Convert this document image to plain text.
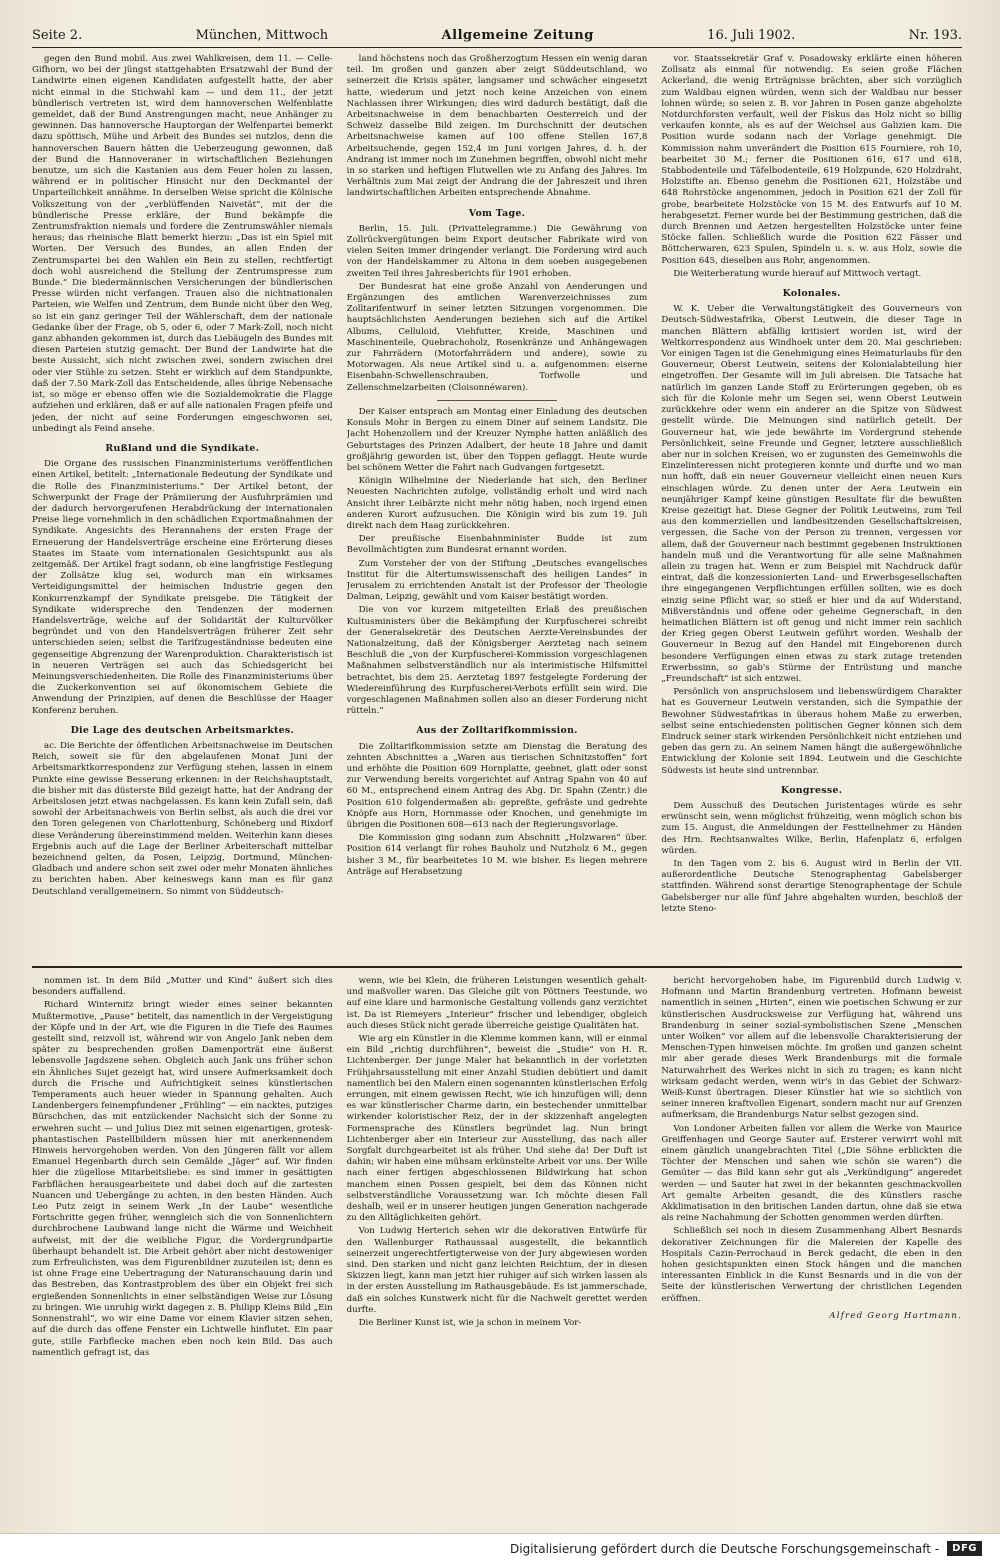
Seite 2.	München, Mittwoch	Allgemeine Zeitung	16. Juli 1902.	Nr. 193.

gegen den Bund mobil. Aus zwei Wahlkreisen, dem 11. — Celle-Gifhorn, wo bei der jüngst stattgehabten Ersatzwahl der Bund der Landwirte einen eigenen Kandidaten aufgestellt hatte, der aber nicht einmal in die Stichwahl kam — und dem 11., der jetzt bündlerisch vertreten ist, wird dem hannoverschen Welfenblatte gemeldet, daß der Bund Anstrengungen macht, neue Anhänger zu gewinnen. Das hannoversche Hauptorgan der Welfenpartei bemerkt dazu spöttisch, Mühe und Arbeit des Bundes sei nutzlos, denn die hannoverschen Bauern hätten die Ueberzeugung gewonnen, daß der Bund die Hannoveraner in wirtschaftlichen Beziehungen benutze, um sich die Kastanien aus dem Feuer holen zu lassen, während er in politischer Hinsicht nur den Deckmantel der Unparteilichkeit annähme. In derselben Weise spricht die Kölnische Volkszeitung von der „verblüffenden Naivetät“, mit der die bündlerische Presse erkläre, der Bund bekämpfe die Zentrumsfraktion niemals und fordere die Zentrumswähler niemals heraus; das rheinische Blatt bemerkt hierzu: „Das ist ein Spiel mit Worten. Der Versuch des Bundes, an allen Enden der Zentrumspartei bei den Wahlen ein Bein zu stellen, rechtfertigt doch wohl ausreichend die Stellung der Zentrumspresse zum Bunde.“ Die biedermännischen Versicherungen der bündlerischen Presse würden nicht verfangen. Trauen also die nichtnationalen Parteien, wie Welfen und Zentrum, dem Bunde nicht über den Weg, so ist ein ganz geringer Teil der Wählerschaft, dem der nationale Gedanke über der Frage, ob 5, oder 6, oder 7 Mark-Zoll, noch nicht ganz abhanden gekommen ist, durch das Liebäugeln des Bundes mit diesen Parteien stutzig gemacht. Der Bund der Landwirte hat die beste Aussicht, sich nicht zwischen zwei, sondern zwischen drei oder vier Stühle zu setzen. Steht er wirklich auf dem Standpunkte, daß der 7.50 Mark-Zoll das Entscheidende, alles übrige Nebensache ist, so möge er ebenso offen wie die Sozialdemokratie die Flagge aufziehen und erklären, daß er auf alle nationalen Fragen pfeife und jeden, der nicht auf seine Forderungen eingeschworen sei, unbedingt als Feind ansehe.

Rußland und die Syndikate.

Die Organe des russischen Finanzministeriums veröffentlichen einen Artikel, betitelt: „Internationale Bedeutung der Syndikate und die Rolle des Finanzministeriums.“ Der Artikel betont, der Schwerpunkt der Frage der Prämiierung der Ausfuhrprämien und der dadurch hervorgerufenen Herabdrückung der internationalen Preise liege vornehmlich in den schädlichen Exportmaßnahmen der Syndikate. Angesichts des Herannahens der ersten Frage der Erneuerung der Handelsverträge erscheine eine Erörterung dieses Staates im Staate vom internationalen Gesichtspunkt aus als zeitgemäß. Der Artikel fragt sodann, ob eine langfristige Festlegung der Zollsätze klug sei, wodurch man ein wirksames Verteidigungsmittel der heimischen Industrie gegen den Konkurrenzkampf der Syndikate preisgebe. Die Tätigkeit der Syndikate widerspreche den Tendenzen der modernen Handelsverträge, welche auf der Solidarität der Kulturvölker begründet und von den Handelsverträgen früherer Zeit sehr unterschieden seien; selbst die Tarifzugeständnisse bedeuten eine gegenseitige Abgrenzung der Warenproduktion. Charakteristisch ist in neueren Verträgen sei auch das Schiedsgericht bei Meinungsverschiedenheiten. Die Rolle des Finanzministeriums über die Zuckerkonvention sei auf ökonomischem Gebiete die Anwendung der Prinzipien, auf denen die Beschlüsse der Haager Konferenz beruhen.

Die Lage des deutschen Arbeitsmarktes.

ac. Die Berichte der öffentlichen Arbeitsnachweise im Deutschen Reich, soweit sie für den abgelaufenen Monat Juni der Arbeitsmarktkorrespondenz zur Verfügung stehen, lassen in einem Punkte eine gewisse Besserung erkennen: in der Reichshauptstadt, die bisher mit das düsterste Bild gezeigt hatte, hat der Andrang der Arbeitslosen jetzt etwas nachgelassen. Es kann kein Zufall sein, daß sowohl der Arbeitsnachweis von Berlin selbst, als auch die drei vor den Toren gelegenen von Charlottenburg, Schöneberg und Rixdorf diese Veränderung übereinstimmend melden. Weiterhin kann dieses Ergebnis auch auf die Lage der Berliner Arbeiterschaft mittelbar bezeichnend gelten, da Posen, Leipzig, Dortmund, München-Gladbach und andere schon seit zwei oder mehr Monaten ähnliches zu berichten haben. Aber keineswegs kann man es für ganz Deutschland verallgemeinern. So nimmt von Süddeutsch-

land höchstens noch das Großherzogtum Hessen ein wenig daran teil. Im großen und ganzen aber zeigt Süddeutschland, wo seinerzeit die Krisis später, langsamer und schwächer eingesetzt hatte, wiederum und jetzt noch keine Anzeichen von einem Nachlassen ihrer Wirkungen; dies wird dadurch bestätigt, daß die Arbeitsnachweise in dem benachbarten Oesterreich und der Schweiz dasselbe Bild zeigen. Im Durchschnitt der deutschen Arbeitsnachweise kamen auf 100 offene Stellen 167,8 Arbeitsuchende, gegen 152,4 im Juni vorigen Jahres, d. h. der Andrang ist immer noch im Zunehmen begriffen, obwohl nicht mehr in so starken und heftigen Flutwellen wie zu Anfang des Jahres. Im Verhältnis zum Mai zeigt der Andrang die der Jahreszeit und ihren landwirtschaftlichen Arbeiten entsprechende Abnahme.

Vom Tage.

Berlin, 15. Juli. (Privattelegramme.) Die Gewährung von Zollrückvergütungen beim Export deutscher Fabrikate wird von vielen Seiten immer dringender verlangt. Die Forderung wird auch von der Handelskammer zu Altona in dem soeben ausgegebenen zweiten Teil ihres Jahresberichts für 1901 erhoben.

Der Bundesrat hat eine große Anzahl von Aenderungen und Ergänzungen des amtlichen Warenverzeichnisses zum Zolltarifentwurf in seiner letzten Sitzungen vorgenommen. Die hauptsächlichsten Aenderungen beziehen sich auf die Artikel Albums, Celluloid, Viehfutter, Kreide, Maschinen und Maschinenteile, Quebrachoholz, Rosenkränze und Anhängewagen zur Fahrrädern (Motorfahrrädern und andere), sowie zu Motorwagen. Als neue Artikel sind u. a. aufgenommen: eiserne Eisenbahn-Schwellenschrauben, Torfwolle und Zellenschmelzarbeiten (Cloisonnéwaren).

Der Kaiser entsprach am Montag einer Einladung des deutschen Konsuls Mohr in Bergen zu einem Diner auf seinem Landsitz. Die Jacht Hohenzollern und der Kreuzer Nymphe hatten anläßlich des Geburtstages des Prinzen Adalbert, der heute 18 Jahre und damit großjährig geworden ist, über den Toppen geflaggt. Heute wurde bei schönem Wetter die Fahrt nach Gudvangen fortgesetzt.

Königin Wilhelmine der Niederlande hat sich, den Berliner Neuesten Nachrichten zufolge, vollständig erholt und wird nach Ansicht ihrer Leibärzte nicht mehr nötig haben, noch irgend einen anderen Kurort aufzusuchen. Die Königin wird bis zum 19. Juli direkt nach dem Haag zurückkehren.

Der preußische Eisenbahnminister Budde ist zum Bevollmächtigten zum Bundesrat ernannt worden.

Zum Vorsteher der von der Stiftung „Deutsches evangelisches Institut für die Altertumswissenschaft des heiligen Landes“ in Jerusalem zu errichtenden Anstalt ist der Professor der Theologie Dalman, Leipzig, gewählt und vom Kaiser bestätigt worden.

Die von vor kurzem mitgeteilten Erlaß des preußischen Kultusministers über die Bekämpfung der Kurpfuscherei schreibt der Generalsekretär des Deutschen Aerzte-Vereinsbundes der Nationalzeitung, daß der Königsberger Aerztetag nach seinem Beschluß die „von der Kurpfuscherei-Kommission vorgeschlagenen Maßnahmen selbstverständlich nur als interimistische Hilfsmittel betrachtet, bis dem 25. Aerztetag 1897 festgelegte Forderung der Wiedereinführung des Kurpfuscherei-Verbots erfüllt sein wird. Die vorgeschlagenen Maßnahmen sollen also an dieser Forderung nicht rütteln.“

Aus der Zolltarifkommission.

Die Zolltarifkommission setzte am Dienstag die Beratung des zehnten Abschnittes a „Waren aus tierischen Schnitzstoffen“ fort und erhöhte die Position 609 Hornplatte, geebnet, glatt oder sonst zur Verwendung bereits vorgerichtet auf Antrag Spahn von 40 auf 60 M., entsprechend einem Antrag des Abg. Dr. Spahn (Zentr.) die Position 610 folgendermaßen ab: gepreßte, gefräste und gedrehte Knöpfe aus Horn, Hornmasse oder Knochen, und genehmigte im übrigen die Positionen 608—613 nach der Regierungsvorlage.

Die Kommission ging sodann zum Abschnitt „Holzwaren“ über. Position 614 verlangt für rohes Bauholz und Nutzholz 6 M., gegen bisher 3 M., für bearbeitetes 10 M. wie bisher. Es liegen mehrere Anträge auf Herabsetzung

vor. Staatssekretär Graf v. Posadowsky erklärte einen höheren Zollsatz als einmal für notwendig. Es seien große Flächen Ackerland, die wenig Erträgnisse brächten, aber sich vorzüglich zum Waldbau eignen würden, wenn sich der Waldbau nur besser lohnen würde; so seien z. B. vor Jahren in Posen ganze abgeholzte Notdurchforsten verfault, weil der Fiskus das Holz nicht so billig verkaufen konnte, als es auf der Weichsel aus Galizien kam. Die Position wurde sodann nach der Vorlage genehmigt. Die Kommission nahm unverändert die Position 615 Fourniere, roh 10, bearbeitet 30 M.; ferner die Positionen 616, 617 und 618, Stabbodenteile und Täfelbodenteile, 619 Holzpunde, 620 Holzdraht, Holzstifte an. Ebenso genehm die Positionen 621, Holzstäbe und 648 Rohrstöcke angenommen, jedoch in Position 621 der Zoll für grobe, bearbeitete Holzstöcke von 15 M. des Entwurfs auf 10 M. herabgesetzt. Ferner wurde bei der Bestimmung gestrichen, daß die durch Brennen und Aetzen hergestellten Holzstöcke unter feine Stöcke fallen. Schließlich wurde die Position 622 Fässer und Böttcherwaren, 623 Spulen, Spindeln u. s. w. aus Holz, sowie die Position 645, dieselben aus Rohr, angenommen.

Die Weiterberatung wurde hierauf auf Mittwoch vertagt.

Kolonales.

W. K. Ueber die Verwaltungstätigkeit des Gouverneurs von Deutsch-Südwestafrika, Oberst Leutwein, die dieser Tage in manchen Blättern abfällig kritisiert worden ist, wird der Weltkorrespondenz aus Windhoek unter dem 20. Mai geschrieben: Vor einigen Tagen ist die Genehmigung eines Heimaturlaubs für den Gouverneur, Oberst Leutwein, seitens der Kolonialabteilung hier eingetroffen. Der Gesamte will im Juli abreisen. Die Tatsache hat natürlich im ganzen Lande Stoff zu Erörterungen gegeben, ob es sich für die Kolonie mehr um Segen sei, wenn Oberst Leutwein zurückkehre oder wenn ein anderer an die Spitze von Südwest gestellt würde. Die Meinungen sind natürlich geteilt. Der Gouverneur hat, wie jede bewährte im Vordergrund stehende Persönlichkeit, seine Freunde und Gegner, letztere ausschließlich aber nur in solchen Kreisen, wo er zugunsten des Gemeinwohls die Einzelinteressen nicht protegieren konnte und durfte und wo man nun hofft, daß ein neuer Gouverneur vielleicht einen neuen Kurs einschlagen würde. Zu denen unter der Aera Leutwein ein neunjähriger Kampf keine günstigen Resultate für die bewußten Kreise gezeitigt hat. Diese Gegner der Politik Leutweins, zum Teil aus den kommerziellen und landbesitzenden Gesellschaftskreisen, vergessen, die Sache von der Person zu trennen, vergessen vor allem, daß der Gouverneur nach bestimmt gegebenen Instruktionen handeln muß und die Verantwortung für alle seine Maßnahmen allein zu tragen hat. Wenn er zum Beispiel mit Nachdruck dafür eintrat, daß die konzessionierten Land- und Erwerbsgesellschaften ihre eingegangenen Verpflichtungen erfüllen sollten, wie es doch einzig seine Pflicht war, so stieß er hier und da auf Widerstand, Mißverständnis und offene oder geheime Gegnerschaft, in den heimatlichen Blättern ist oft genug und nicht immer rein sachlich der Krieg gegen Oberst Leutwein geführt worden. Weshalb der Gouverneur in Bezug auf den Handel mit Eingeborenen durch besondere Verfügungen einen etwas zu stark zutage tretenden Erwerbssinn, so gab's Stürme der Entrüstung und manche „Freundschaft“ ist sich entzwei.

Persönlich von anspruchslosem und liebenswürdigem Charakter hat es Gouverneur Leutwein verstanden, sich die Sympathie der Bewohner Südwestafrikas in überaus hohem Maße zu erwerben, selbst seine entschiedensten politischen Gegner können sich dem Eindruck seiner stark wirkenden Persönlichkeit nicht entziehen und geben das gern zu. An seinem Namen hängt die außergewöhnliche Entwicklung der Kolonie seit 1894. Leutwein und die Geschichte Südwests ist heute sind untrennbar.

Kongresse.

Dem Ausschuß des Deutschen Juristentages würde es sehr erwünscht sein, wenn möglichst frühzeitig, wenn möglich schon bis zum 15. August, die Anmeldungen der Festteilnehmer zu Händen des Hrn. Rechtsanwaltes Wilke, Berlin, Hafenplatz 6, erfolgen würden.

In den Tagen vom 2. bis 6. August wird in Berlin der VII. außerordentliche Deutsche Stenographentag Gabelsberger stattfinden. Während sonst derartige Stenographentage der Schule Gabelsberger nur alle fünf Jahre abgehalten wurden, beschloß der letzte Steno-

nommen ist. In dem Bild „Mutter und Kind“ äußert sich dies besonders auffallend.

Richard Winternitz bringt wieder eines seiner bekannten Mußtermotive, „Pause“ betitelt, das namentlich in der Vergeistigung der Köpfe und in der Art, wie die Figuren in die Tiefe des Raumes gestellt sind, reizvoll ist, während wir von Angelo Jank neben dem später zu besprechenden großen Damenporträt eine äußerst lebensvolle Jagdszene sehen. Obgleich auch Jank uns früher schon ein Ähnliches Sujet gezeigt hat, wird unsere Aufmerksamkeit doch durch die Frische und Aufrichtigkeit seines künstlerischen Temperaments auch heuer wieder in Spannung gehalten. Auch Landenbergers feinempfundener „Frühling“ — ein nacktes, putziges Bürschchen, das mit entzückender Nachsicht sich der Sonne zu erwehren sucht — und Julius Diez mit seinen eigenartigen, grotesk-phantastischen Pastellbildern müssen hier mit anerkennendem Hinweis hervorgehoben werden. Von den Jüngeren fällt vor allem Emanuel Hegenbarth durch sein Gemälde „Jäger“ auf. Wir finden hier die zügellose Mitarbeitsliebe: es sind immer in gesättigten Farbflächen herausgearbeitete und dabei doch auf die zartesten Nuancen und Uebergänge zu achten, in den besten Händen. Auch Leo Putz zeigt in seinem Werk „In der Laube“ wesentliche Fortschritte gegen früher, wenngleich sich die von Sonnenlichtern durchbrochene Laubwand lange nicht die Wärme und Weichheit aufweist, mit der die weibliche Figur, die Vordergrundpartie überhaupt behandelt ist. Die Arbeit gehört aber nicht destoweniger zum Erfreulichsten, was dem Figurenbildner zuzuteilen ist; denn es ist ohne Frage eine Uebertragung der Naturanschauung darin und das Bestreben, das Kontrastproblem des über ein Objekt frei sich ergießenden Sonnenlichts in einer selbständigen Weise zur Lösung zu bringen. Wie unruhig wirkt dagegen z. B. Philipp Kleins Bild „Ein Sonnenstrahl“, wo wir eine Dame vor einem Klavier sitzen sehen, auf die durch das offene Fenster ein Lichtwelle hinflutet. Ein paar gute, stille Farbflecke machen eben noch kein Bild. Das auch namentlich gefragt ist, das

wenn, wie bei Klein, die früheren Leistungen wesentlich gehalt- und maßvoller waren. Das Gleiche gilt von Pöttners Teestunde, wo auf eine klare und harmonische Gestaltung vollends ganz verzichtet ist. Da ist Riemeyers „Interieur“ frischer und lebendiger, obgleich auch dieses Stück nicht gerade überreiche geistige Qualitäten hat.

Wie arg ein Künstler in die Klemme kommen kann, will er einmal ein Bild „richtig durchführen“, beweist die „Studie“ von H. R. Lichtenberger. Der junge Maler hat bekanntlich in der vorletzten Frühjahrsausstellung mit einer Anzahl Studien debütiert und damit namentlich bei den Malern einen sogenannten künstlerischen Erfolg errungen, mit einem gewissen Recht, wie ich hinzufügen will; denn es war künstlerischer Charme darin, ein bestechender unmittelbar wirkender koloristischer Reiz, der in der skizzenhaft angelegten Formensprache des Künstlers begründet lag. Nun bringt Lichtenberger aber ein Interieur zur Ausstellung, das nach aller Sorgfalt durchgearbeitet ist als früher. Und siehe da! Der Duft ist dahin; wir haben eine mühsam erkünstelte Arbeit vor uns. Der Wille nach einer fertigen abgeschlossenen Bildwirkung hat schon manchem einen Possen gespielt, bei dem das Können nicht selbstverständliche Voraussetzung war. Ich möchte diesen Fall deshalb, weil er in unserer heutigen jungen Generation nachgerade zu den Alltäglichkeiten gehört.

Von Ludwig Herterich sehen wir die dekorativen Entwürfe für den Wallenburger Rathaussaal ausgestellt, die bekanntlich seinerzeit ungerechtfertigterweise von der Jury abgewiesen worden sind. Den starken und nicht ganz leichten Reichtum, der in diesen Skizzen liegt, kann man jetzt hier ruhiger auf sich wirken lassen als in der ersten Ausstellung im Rathausgebäude. Es ist jammerschade, daß ein solches Kunstwerk nicht für die Nachwelt gerettet werden durfte.

Die Berliner Kunst ist, wie ja schon in meinem Vor-

bericht hervorgehoben habe, im Figurenbild durch Ludwig v. Hofmann und Martin Brandenburg vertreten. Hofmann beweist namentlich in seinen „Hirten“, einen wie poetischen Schwung er zur künstlerischen Ausdrucksweise zur Verfügung hat, während uns Brandenburg in seiner sozial-symbolistischen Szene „Menschen unter Wolken“ vor allem auf die lebensvolle Charakterisierung der Menschen-Typen hinweisen möchte. Im großen und ganzen scheint mir aber gerade dieses Werk Brandenburgs mit die formale Naturwahrheit des Werkes nicht in sich zu tragen; es kann nicht wirksam gedacht werden, wenn wir's in das Gebiet der Schwarz-Weiß-Kunst übertragen. Dieser Künstler hat wie so sichtlich von seiner inneren kraftvollen Eigenart, sondern macht nur auf Grenzen aufmerksam, die Brandenburgs Natur selbst gezogen sind.

Von Londoner Arbeiten fallen vor allem die Werke von Maurice Greiffenhagen und George Sauter auf. Ersterer verwirrt wohl mit einem gänzlich unangebrachten Titel („Die Söhne erblickten die Töchter der Menschen und sahen wie schön sie waren“) die Gemüter — das Bild kann sehr gut als „Verkündigung“ angeredet werden — und Sauter hat zwei in der bekannten geschmackvollen Art gemalte Arbeiten gesandt, die des Künstlers rasche Akklimatisation in den britischen Landen dartun, ohne daß sie etwa als reine Nachahmung der Schotten genommen werden dürften.

Schließlich sei noch in diesem Zusammenhang Albert Besnards dekorativer Zeichnungen für die Malereien der Kapelle des Hospitals Cazin-Perrochaud in Berck gedacht, die eben in den hohen gesichtspunkten einen Stock hängen und die manchen interessanten Einblick in die Kunst Besnards und in die von der Seite der künstlerischen Verwertung der christlichen Legenden eröffnen.

Alfred Georg Hartmann.
Digitalisierung gefördert durch die Deutsche Forschungsgemeinschaft -	DFG
